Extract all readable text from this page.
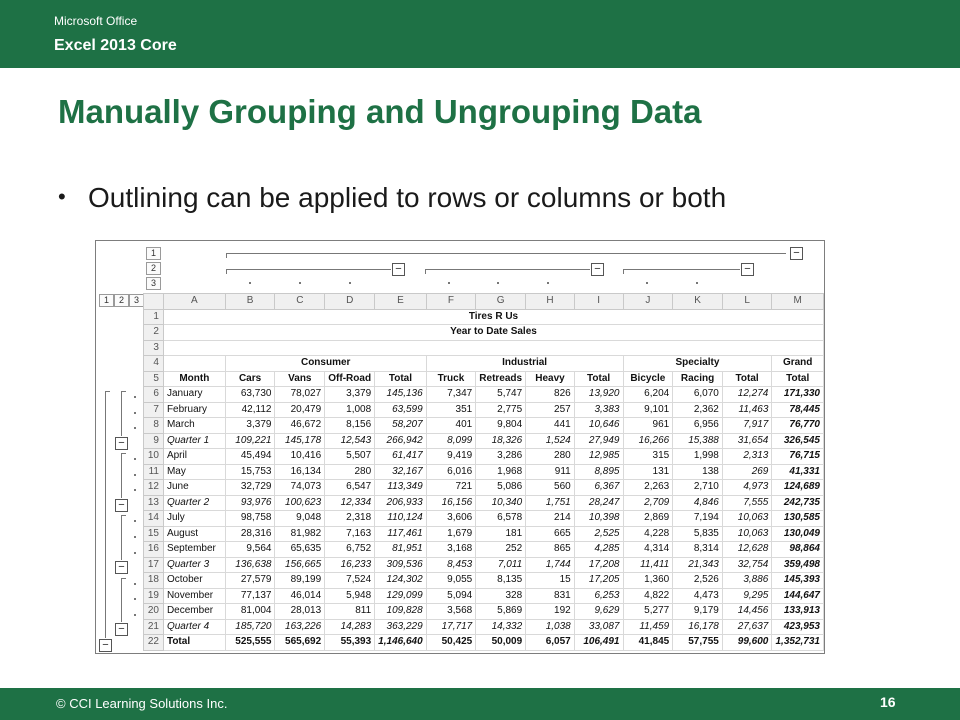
Microsoft Office
Excel 2013 Core
Manually Grouping and Ungrouping Data
• Outlining can be applied to rows or columns or both
1
2
3
1	2	3
−
−	−	−
	A	B	C	D	E	F	G	H	I	J	K	L	M
1	Tires R Us												
2	Year to Date Sales												
3													
4		Consumer				Industrial				Specialty			Grand
5	Month	Cars	Vans	Off-Road	Total	Truck	Retreads	Heavy	Total	Bicycle	Racing	Total	Total
6	January	63,730	78,027	3,379	145,136	7,347	5,747	826	13,920	6,204	6,070	12,274	171,330
7	February	42,112	20,479	1,008	63,599	351	2,775	257	3,383	9,101	2,362	11,463	78,445
8	March	3,379	46,672	8,156	58,207	401	9,804	441	10,646	961	6,956	7,917	76,770
9	Quarter 1	109,221	145,178	12,543	266,942	8,099	18,326	1,524	27,949	16,266	15,388	31,654	326,545
10	April	45,494	10,416	5,507	61,417	9,419	3,286	280	12,985	315	1,998	2,313	76,715
11	May	15,753	16,134	280	32,167	6,016	1,968	911	8,895	131	138	269	41,331
12	June	32,729	74,073	6,547	113,349	721	5,086	560	6,367	2,263	2,710	4,973	124,689
13	Quarter 2	93,976	100,623	12,334	206,933	16,156	10,340	1,751	28,247	2,709	4,846	7,555	242,735
14	July	98,758	9,048	2,318	110,124	3,606	6,578	214	10,398	2,869	7,194	10,063	130,585
15	August	28,316	81,982	7,163	117,461	1,679	181	665	2,525	4,228	5,835	10,063	130,049
16	September	9,564	65,635	6,752	81,951	3,168	252	865	4,285	4,314	8,314	12,628	98,864
17	Quarter 3	136,638	156,665	16,233	309,536	8,453	7,011	1,744	17,208	11,411	21,343	32,754	359,498
18	October	27,579	89,199	7,524	124,302	9,055	8,135	15	17,205	1,360	2,526	3,886	145,393
19	November	77,137	46,014	5,948	129,099	5,094	328	831	6,253	4,822	4,473	9,295	144,647
20	December	81,004	28,013	811	109,828	3,568	5,869	192	9,629	5,277	9,179	14,456	133,913
21	Quarter 4	185,720	163,226	14,283	363,229	17,717	14,332	1,038	33,087	11,459	16,178	27,637	423,953
22	Total	525,555	565,692	55,393	1,146,640	50,425	50,009	6,057	106,491	41,845	57,755	99,600	1,352,731
−
−
−
−
−
© CCI Learning Solutions Inc.	16
